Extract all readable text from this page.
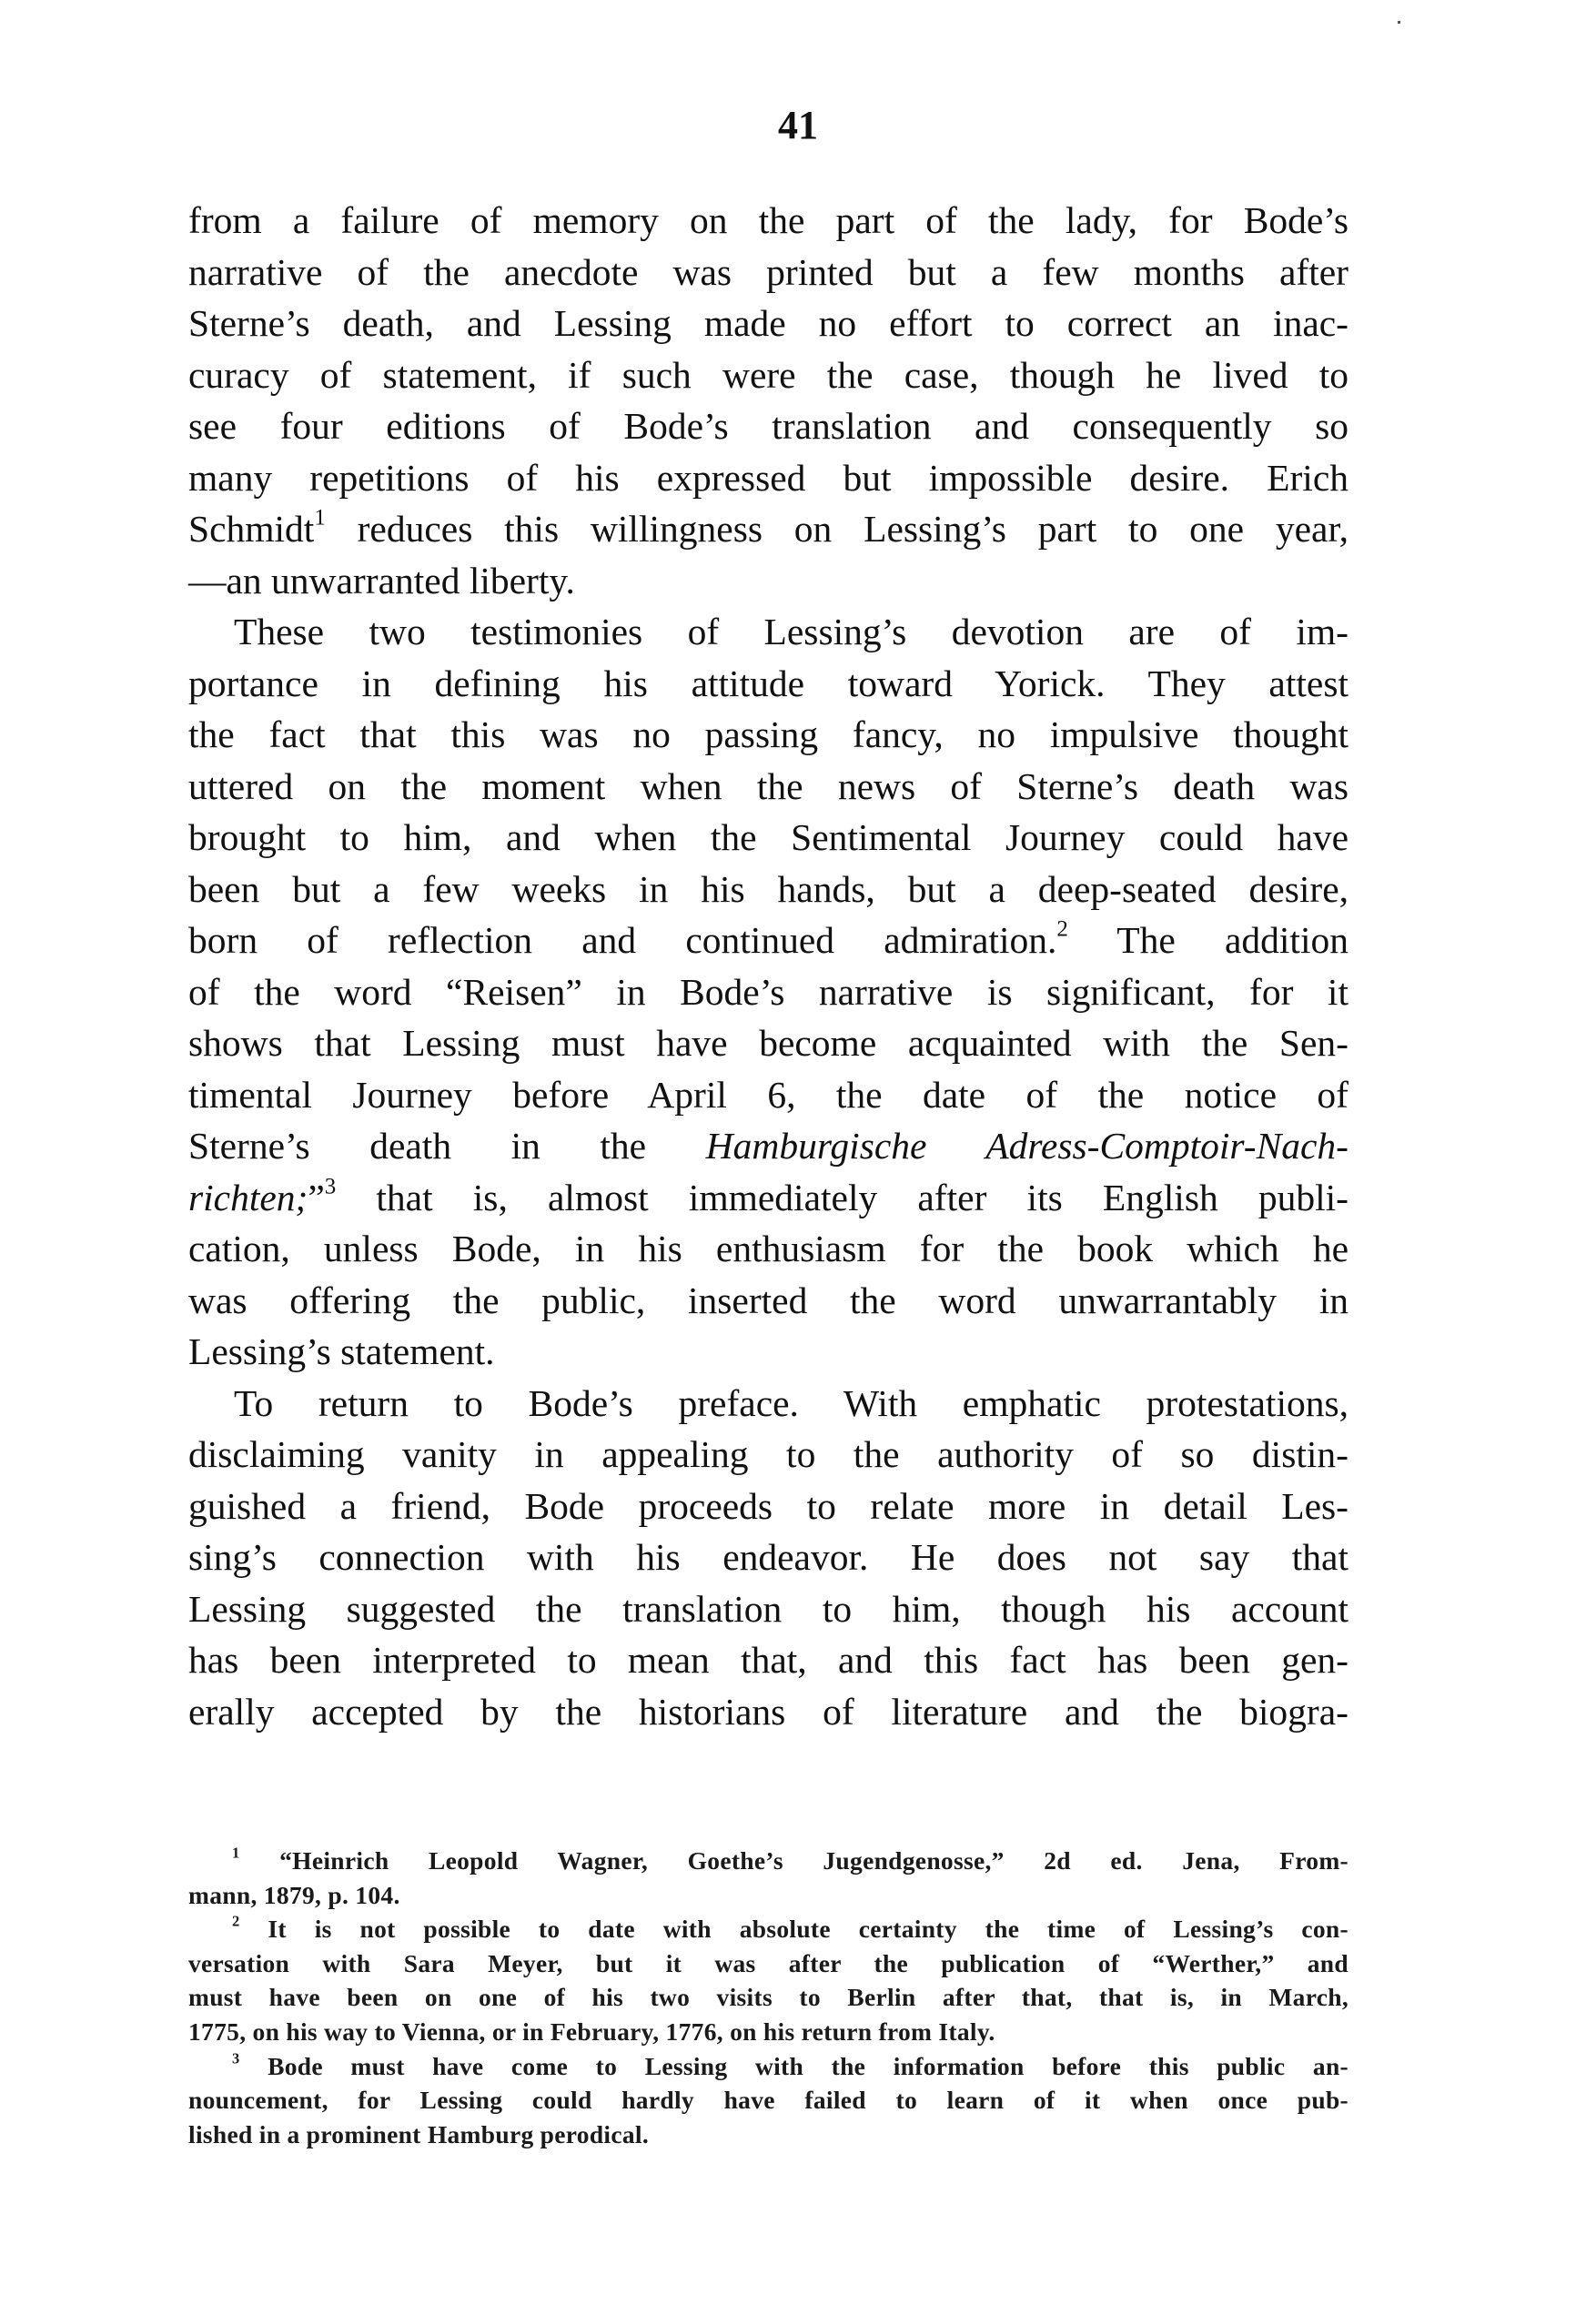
41
from a failure of memory on the part of the lady, for Bode’s
narrative of the anecdote was printed but a few months after
Sterne’s death, and Lessing made no effort to correct an inac-
curacy of statement, if such were the case, though he lived to
see four editions of Bode’s translation and consequently so
many repetitions of his expressed but impossible desire. Erich
Schmidt$^1$ reduces this willingness on Lessing’s part to one year,
—an unwarranted liberty.
These two testimonies of Lessing’s devotion are of im-
portance in defining his attitude toward Yorick. They attest
the fact that this was no passing fancy, no impulsive thought
uttered on the moment when the news of Sterne’s death was
brought to him, and when the Sentimental Journey could have
been but a few weeks in his hands, but a deep-seated desire,
born of reflection and continued admiration.$^2$ The addition
of the word “Reisen” in Bode’s narrative is significant, for it
shows that Lessing must have become acquainted with the Sen-
timental Journey before April 6, the date of the notice of
Sterne’s death in the Hamburgische Adress-Comptoir-Nach-
richten;”$^3$ that is, almost immediately after its English publi-
cation, unless Bode, in his enthusiasm for the book which he
was offering the public, inserted the word unwarrantably in
Lessing’s statement.
To return to Bode’s preface. With emphatic protestations,
disclaiming vanity in appealing to the authority of so distin-
guished a friend, Bode proceeds to relate more in detail Les-
sing’s connection with his endeavor. He does not say that
Lessing suggested the translation to him, though his account
has been interpreted to mean that, and this fact has been gen-
erally accepted by the historians of literature and the biogra-
$^1$ “Heinrich Leopold Wagner, Goethe’s Jugendgenosse,” 2d ed. Jena, From-
mann, 1879, p. 104.
$^2$ It is not possible to date with absolute certainty the time of Lessing’s con-
versation with Sara Meyer, but it was after the publication of “Werther,” and
must have been on one of his two visits to Berlin after that, that is, in March,
1775, on his way to Vienna, or in February, 1776, on his return from Italy.
$^3$ Bode must have come to Lessing with the information before this public an-
nouncement, for Lessing could hardly have failed to learn of it when once pub-
lished in a prominent Hamburg perodical.
